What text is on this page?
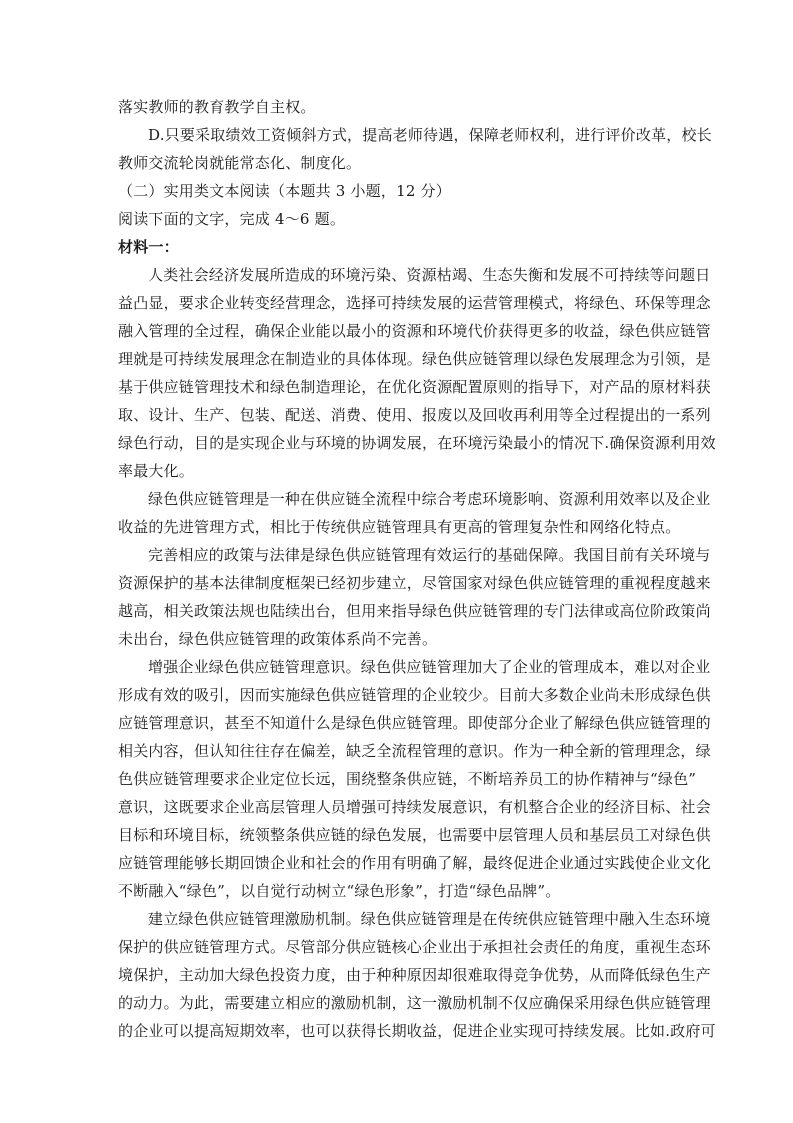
落实教师的教育教学自主权。
D.只要采取绩效工资倾斜方式，提高老师待遇，保障老师权利，进行评价改革，校长
教师交流轮岗就能常态化、制度化。
（二）实用类文本阅读（本题共 3 小题，12 分）
阅读下面的文字，完成 4～6 题。
材料一：
人类社会经济发展所造成的环境污染、资源枯竭、生态失衡和发展不可持续等问题日
益凸显，要求企业转变经营理念，选择可持续发展的运营管理模式，将绿色、环保等理念
融入管理的全过程，确保企业能以最小的资源和环境代价获得更多的收益，绿色供应链管
理就是可持续发展理念在制造业的具体体现。绿色供应链管理以绿色发展理念为引领，是
基于供应链管理技术和绿色制造理论，在优化资源配置原则的指导下，对产品的原材料获
取、设计、生产、包装、配送、消费、使用、报废以及回收再利用等全过程提出的一系列
绿色行动，目的是实现企业与环境的协调发展，在环境污染最小的情况下.确保资源利用效
率最大化。
绿色供应链管理是一种在供应链全流程中综合考虑环境影响、资源利用效率以及企业
收益的先进管理方式，相比于传统供应链管理具有更高的管理复杂性和网络化特点。
完善相应的政策与法律是绿色供应链管理有效运行的基础保障。我国目前有关环境与
资源保护的基本法律制度框架已经初步建立，尽管国家对绿色供应链管理的重视程度越来
越高，相关政策法规也陆续出台，但用来指导绿色供应链管理的专门法律或高位阶政策尚
未出台，绿色供应链管理的政策体系尚不完善。
增强企业绿色供应链管理意识。绿色供应链管理加大了企业的管理成本，难以对企业
形成有效的吸引，因而实施绿色供应链管理的企业较少。目前大多数企业尚未形成绿色供
应链管理意识，甚至不知道什么是绿色供应链管理。即使部分企业了解绿色供应链管理的
相关内容，但认知往往存在偏差，缺乏全流程管理的意识。作为一种全新的管理理念，绿
色供应链管理要求企业定位长远，围绕整条供应链，不断培养员工的协作精神与“绿色”
意识，这既要求企业高层管理人员增强可持续发展意识，有机整合企业的经济目标、社会
目标和环境目标，统领整条供应链的绿色发展，也需要中层管理人员和基层员工对绿色供
应链管理能够长期回馈企业和社会的作用有明确了解，最终促进企业通过实践使企业文化
不断融入“绿色”，以自觉行动树立“绿色形象”，打造“绿色品牌”。
建立绿色供应链管理激励机制。绿色供应链管理是在传统供应链管理中融入生态环境
保护的供应链管理方式。尽管部分供应链核心企业出于承担社会责任的角度，重视生态环
境保护，主动加大绿色投资力度，由于种种原因却很难取得竞争优势，从而降低绿色生产
的动力。为此，需要建立相应的激励机制，这一激励机制不仅应确保采用绿色供应链管理
的企业可以提高短期效率，也可以获得长期收益，促进企业实现可持续发展。比如.政府可
